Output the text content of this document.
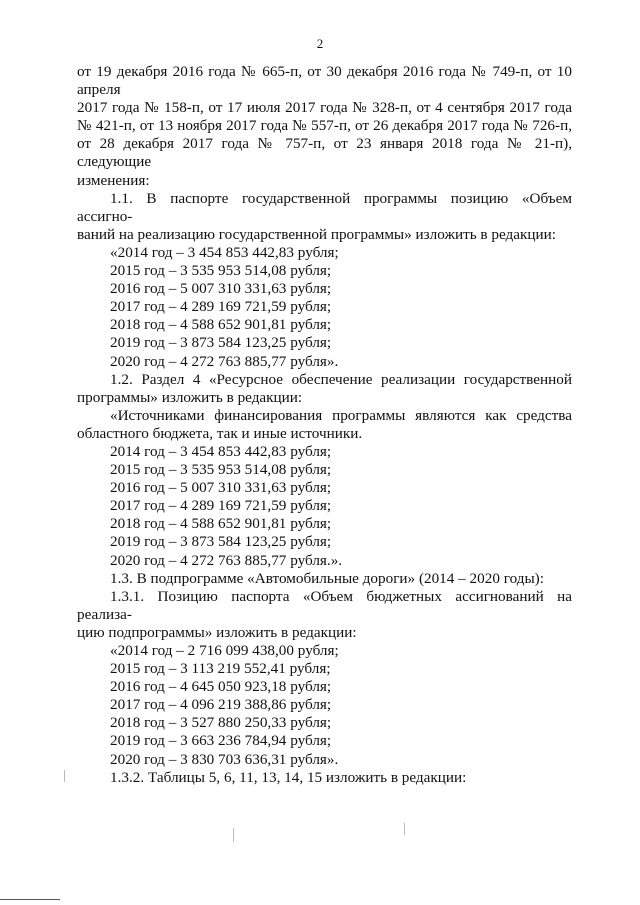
2

от 19 декабря 2016 года № 665-п, от 30 декабря 2016 года № 749-п, от 10 апреля

2017 года № 158-п, от 17 июля 2017 года № 328-п, от 4 сентября 2017 года

№ 421-п, от 13 ноября 2017 года № 557-п, от 26 декабря 2017 года № 726-п,

от 28 декабря 2017 года № 757-п, от 23 января 2018 года № 21-п), следующие

изменения:

1.1. В паспорте государственной программы позицию «Объем ассигно-

ваний на реализацию государственной программы» изложить в редакции:

«2014 год – 3 454 853 442,83 рубля;

2015 год – 3 535 953 514,08 рубля;

2016 год – 5 007 310 331,63 рубля;

2017 год – 4 289 169 721,59 рубля;

2018 год – 4 588 652 901,81 рубля;

2019 год – 3 873 584 123,25 рубля;

2020 год – 4 272 763 885,77 рубля».

1.2. Раздел 4 «Ресурсное обеспечение реализации государственной

программы» изложить в редакции:

«Источниками финансирования программы являются как средства

областного бюджета, так и иные источники.

2014 год – 3 454 853 442,83 рубля;

2015 год – 3 535 953 514,08 рубля;

2016 год – 5 007 310 331,63 рубля;

2017 год – 4 289 169 721,59 рубля;

2018 год – 4 588 652 901,81 рубля;

2019 год – 3 873 584 123,25 рубля;

2020 год – 4 272 763 885,77 рубля.».

1.3. В подпрограмме «Автомобильные дороги» (2014 – 2020 годы):

1.3.1. Позицию паспорта «Объем бюджетных ассигнований на реализа-

цию подпрограммы» изложить в редакции:

«2014 год – 2 716 099 438,00 рубля;

2015 год – 3 113 219 552,41 рубля;

2016 год – 4 645 050 923,18 рубля;

2017 год – 4 096 219 388,86 рубля;

2018 год – 3 527 880 250,33 рубля;

2019 год – 3 663 236 784,94 рубля;

2020 год – 3 830 703 636,31 рубля».

1.3.2. Таблицы 5, 6, 11, 13, 14, 15 изложить в редакции:
